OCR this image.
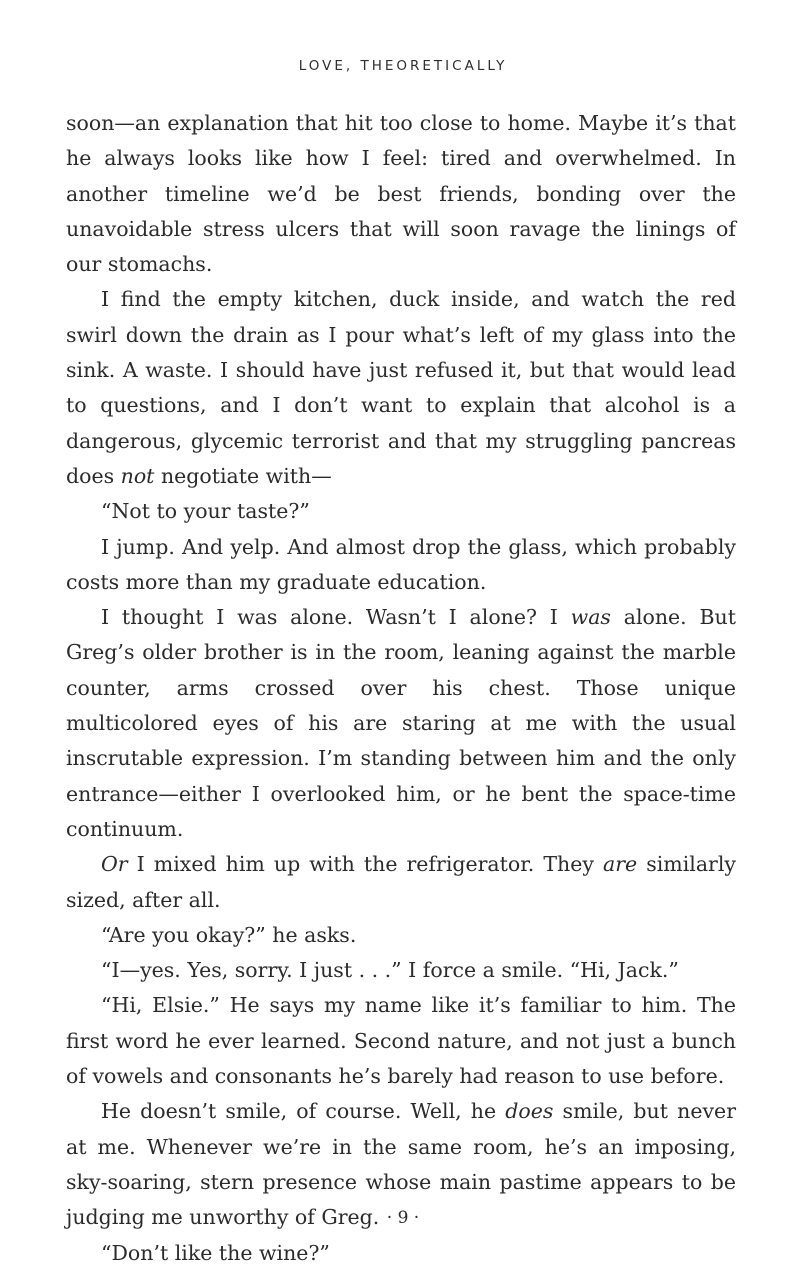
LOVE, THEORETICALLY

soon—an explanation that hit too close to home. Maybe it’s that he always looks like how I feel: tired and overwhelmed. In another timeline we’d be best friends, bonding over the unavoidable stress ulcers that will soon ravage the linings of our stomachs.

I find the empty kitchen, duck inside, and watch the red swirl down the drain as I pour what’s left of my glass into the sink. A waste. I should have just refused it, but that would lead to questions, and I don’t want to explain that alcohol is a dangerous, glycemic terrorist and that my struggling pancreas does not negotiate with—

“Not to your taste?”

I jump. And yelp. And almost drop the glass, which probably costs more than my graduate education.

I thought I was alone. Wasn’t I alone? I was alone. But Greg’s older brother is in the room, leaning against the marble counter, arms crossed over his chest. Those unique multicolored eyes of his are staring at me with the usual inscrutable expression. I’m standing between him and the only entrance—either I overlooked him, or he bent the space-time continuum.

Or I mixed him up with the refrigerator. They are similarly sized, after all.

“Are you okay?” he asks.

“I—yes. Yes, sorry. I just . . .” I force a smile. “Hi, Jack.”

“Hi, Elsie.” He says my name like it’s familiar to him. The first word he ever learned. Second nature, and not just a bunch of vowels and consonants he’s barely had reason to use before.

He doesn’t smile, of course. Well, he does smile, but never at me. Whenever we’re in the same room, he’s an imposing, sky-soaring, stern presence whose main pastime appears to be judging me unworthy of Greg.

“Don’t like the wine?”

· 9 ·
